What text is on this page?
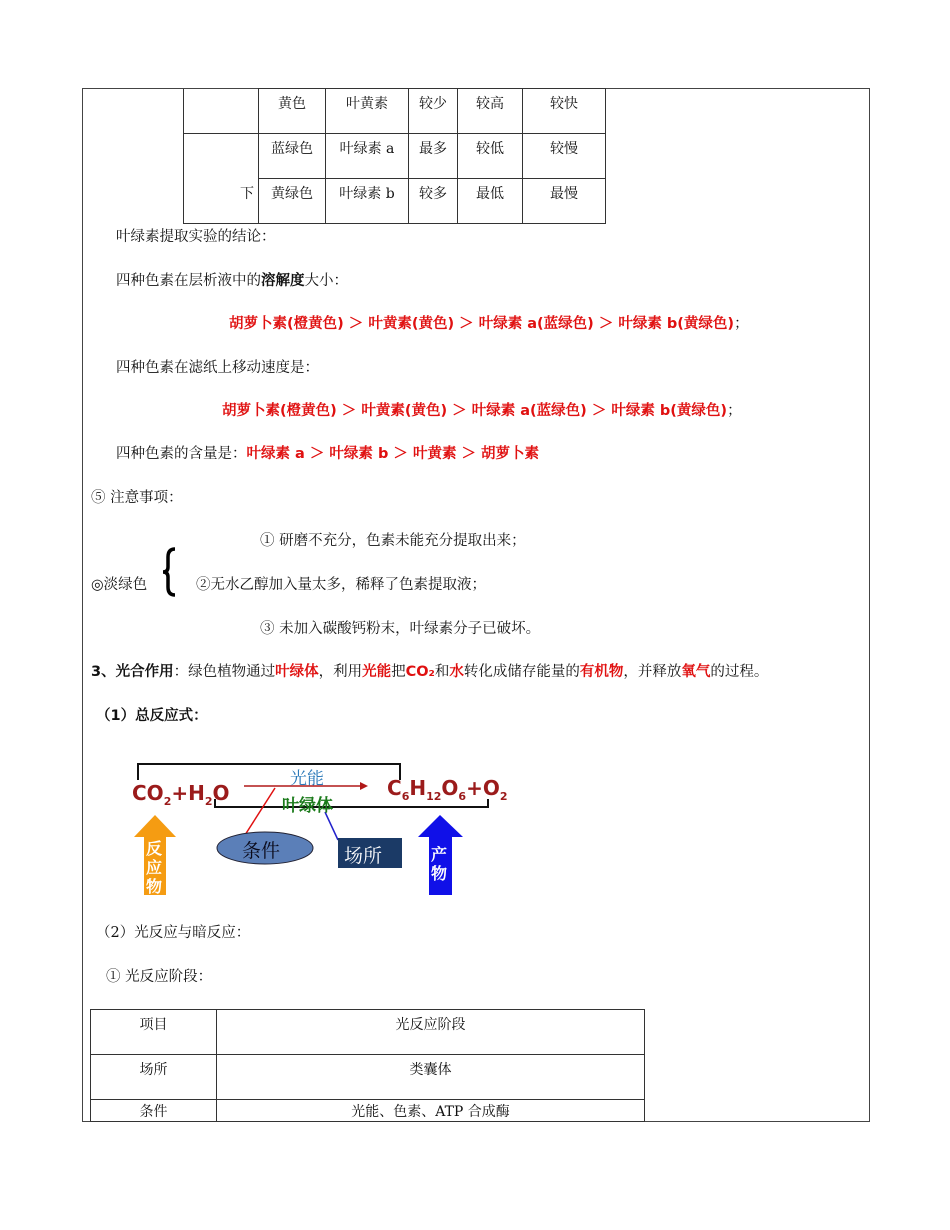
	黄色	叶黄素	较少	较高	较快

	蓝绿色	叶绿素 a	最多	较低	较慢

下	黄绿色	叶绿素 b	较多	最低	最慢
叶绿素提取实验的结论：
四种色素在层析液中的溶解度大小：
胡萝卜素(橙黄色) ＞ 叶黄素(黄色) ＞ 叶绿素 a(蓝绿色) ＞ 叶绿素 b(黄绿色)；
四种色素在滤纸上移动速度是：
胡萝卜素(橙黄色) ＞ 叶黄素(黄色) ＞ 叶绿素 a(蓝绿色) ＞ 叶绿素 b(黄绿色)；
四种色素的含量是：叶绿素 a ＞ 叶绿素 b ＞ 叶黄素 ＞ 胡萝卜素
⑤ 注意事项：
① 研磨不充分，色素未能充分提取出来；
◎淡绿色	②无水乙醇加入量太多，稀释了色素提取液；
③ 未加入碳酸钙粉末，叶绿素分子已破坏。
3、光合作用：绿色植物通过叶绿体，利用光能把CO₂和水转化成储存能量的有机物，并释放氧气的过程。
（1）总反应式：
$CO_2+H_2O$	$C_6H_{12}O_6+O_2$
光能
叶绿体
条件	场所
反应物
产物
（2）光反应与暗反应：
① 光反应阶段：
项目	光反应阶段

场所	类囊体

条件	光能、色素、ATP 合成酶
